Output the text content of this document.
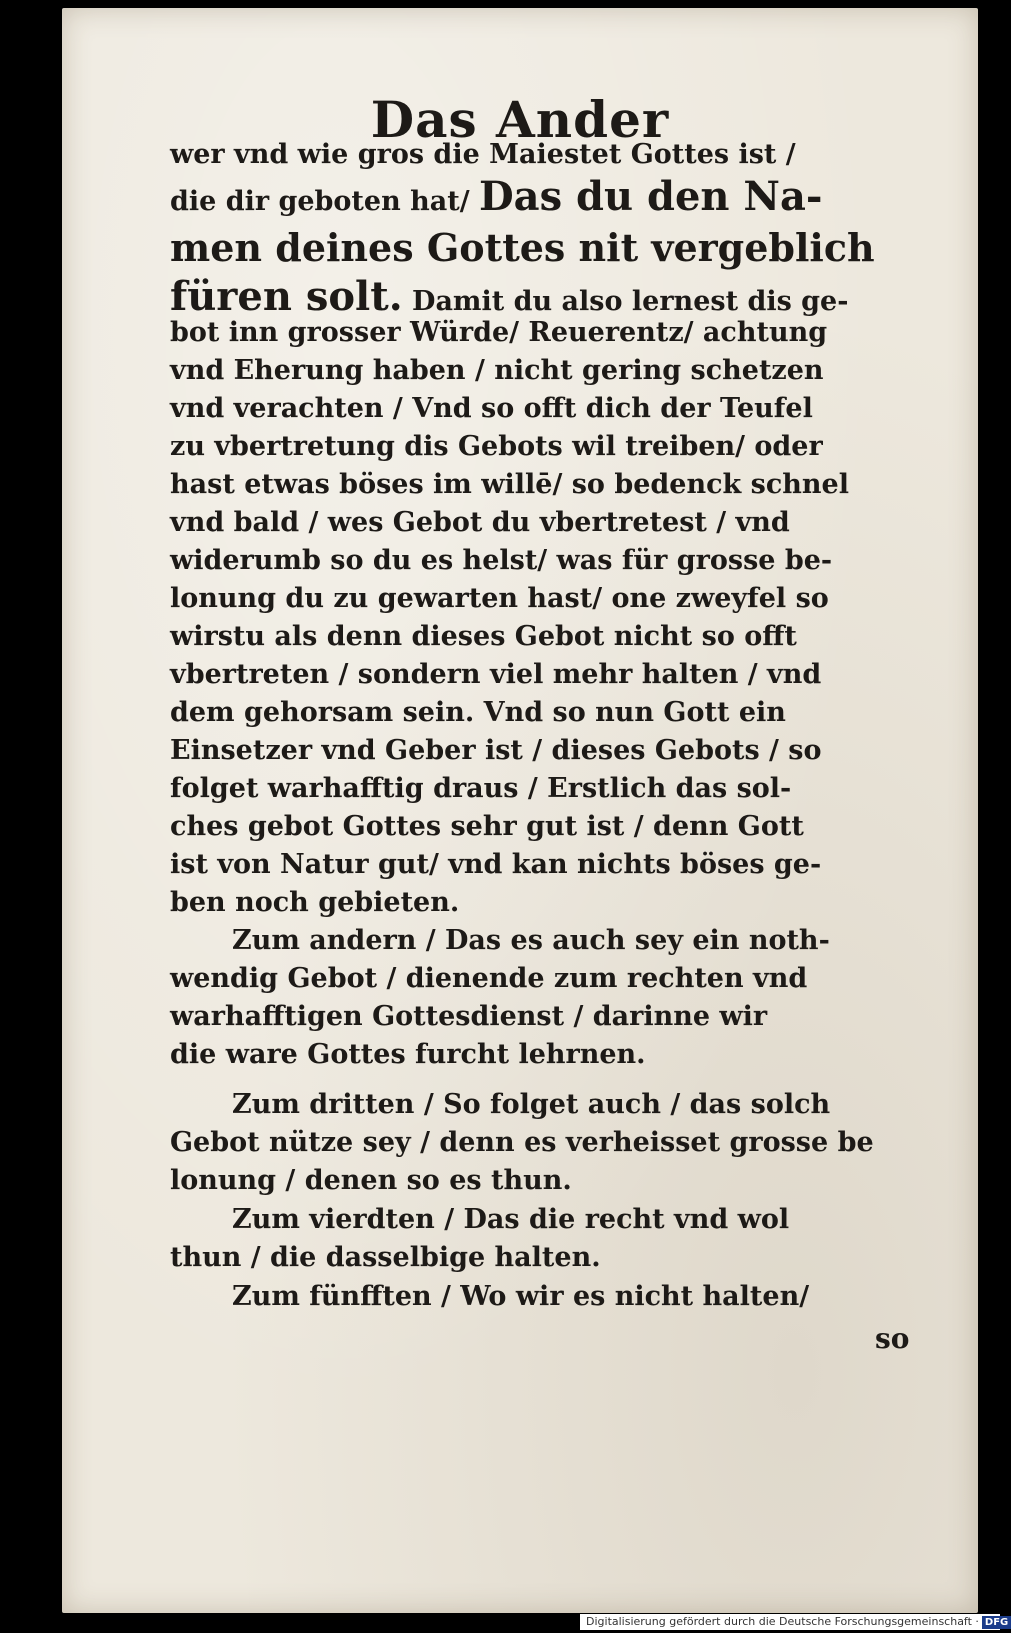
Das Ander
wer vnd wie gros die Maiestet Gottes ist /
die dir geboten hat/ Das du den Na-
men deines Gottes nit vergeblich
füren solt. Damit du also lernest dis ge-
bot inn grosser Würde/ Reuerentz/ achtung
vnd Eherung haben / nicht gering schetzen
vnd verachten / Vnd so offt dich der Teufel
zu vbertretung dis Gebots wil treiben/ oder
hast etwas böses im willē/ so bedenck schnel
vnd bald / wes Gebot du vbertretest / vnd
widerumb so du es helst/ was für grosse be-
lonung du zu gewarten hast/ one zweyfel so
wirstu als denn dieses Gebot nicht so offt
vbertreten / sondern viel mehr halten / vnd
dem gehorsam sein. Vnd so nun Gott ein
Einsetzer vnd Geber ist / dieses Gebots / so
folget warhafftig draus / Erstlich das sol-
ches gebot Gottes sehr gut ist / denn Gott
ist von Natur gut/ vnd kan nichts böses ge-
ben noch gebieten.
Zum andern / Das es auch sey ein noth-
wendig Gebot / dienende zum rechten vnd
warhafftigen Gottesdienst / darinne wir
die ware Gottes furcht lehrnen.
Zum dritten / So folget auch / das solch
Gebot nütze sey / denn es verheisset grosse be
lonung / denen so es thun.
Zum vierdten / Das die recht vnd wol
thun / die dasselbige halten.
Zum fünfften / Wo wir es nicht halten/
so
Digitalisierung gefördert durch die Deutsche Forschungsgemeinschaft · DFG
